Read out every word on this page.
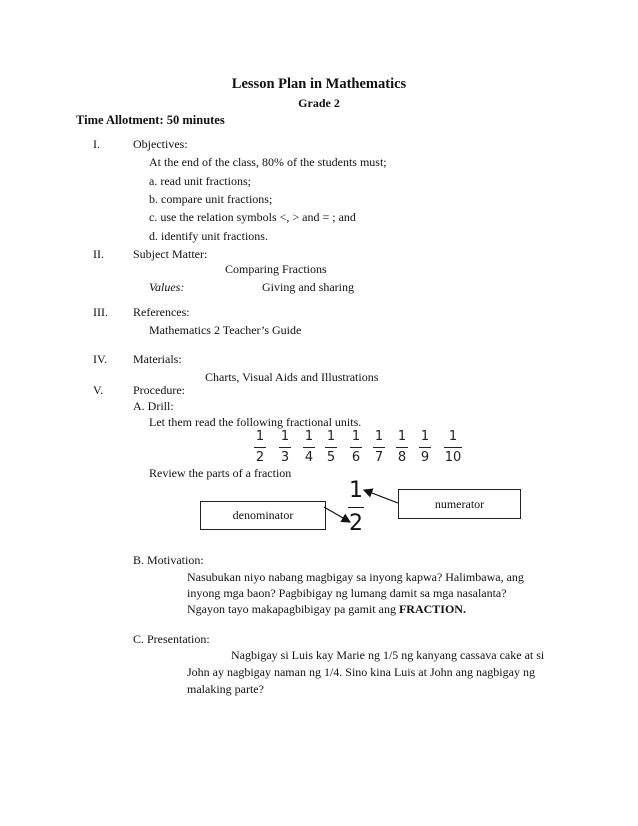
Lesson Plan in Mathematics
Grade 2
Time Allotment: 50 minutes
I.	Objectives:
At the end of the class, 80% of the students must;
a. read unit fractions;
b. compare unit fractions;
c. use the relation symbols <, > and = ; and
d. identify unit fractions.
II. Subject Matter:
Comparing Fractions
Values:	Giving and sharing
III. References:
Mathematics 2 Teacher’s Guide
IV. Materials:
Charts, Visual Aids and Illustrations
V. Procedure:
A. Drill:
Let them read the following fractional units.
1
2
1
3
1
4
1
5
1
6
1
7
1
8
1
9
1
10
Review the parts of a fraction
1
2
numerator
denominator
B. Motivation:
Nasubukan niyo nabang magbigay sa inyong kapwa? Halimbawa, ang
inyong mga baon? Pagbibigay ng lumang damit sa mga nasalanta?
Ngayon tayo makapagbibigay pa gamit ang FRACTION.
C. Presentation:
Nagbigay si Luis kay Marie ng 1/5 ng kanyang cassava cake at si
John ay nagbigay naman ng 1/4. Sino kina Luis at John ang nagbigay ng
malaking parte?
